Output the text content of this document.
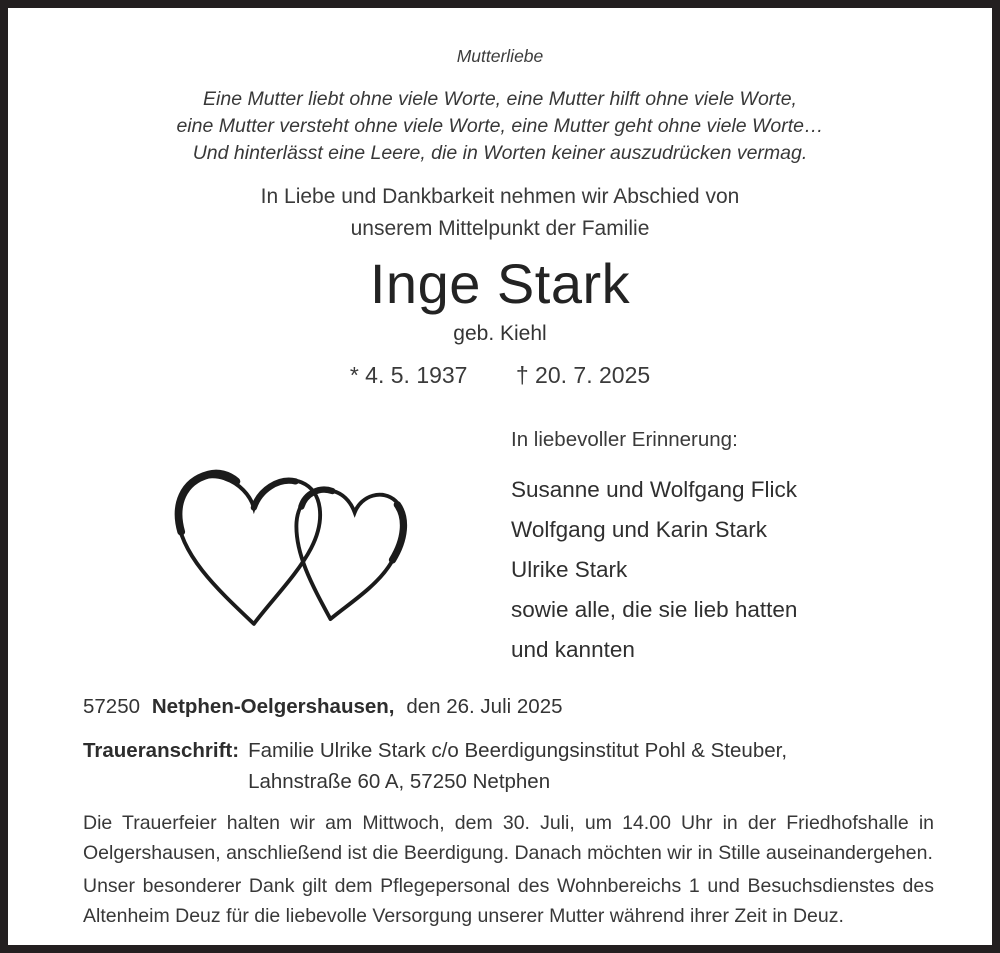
Mutterliebe
Eine Mutter liebt ohne viele Worte, eine Mutter hilft ohne viele Worte,
eine Mutter versteht ohne viele Worte, eine Mutter geht ohne viele Worte…
Und hinterlässt eine Leere, die in Worten keiner auszudrücken vermag.
In Liebe und Dankbarkeit nehmen wir Abschied von
unserem Mittelpunkt der Familie
Inge Stark
geb. Kiehl
* 4. 5. 1937 † 20. 7. 2025
In liebevoller Erinnerung:
Susanne und Wolfgang Flick
Wolfgang und Karin Stark
Ulrike Stark
sowie alle, die sie lieb hatten
und kannten
57250 Netphen-Oelgershausen, den 26. Juli 2025
Traueranschrift: Familie Ulrike Stark c/o Beerdigungsinstitut Pohl & Steuber,
Lahnstraße 60 A, 57250 Netphen

Die Trauerfeier halten wir am Mittwoch, dem 30. Juli, um 14.00 Uhr in der Friedhofshalle in Oelgershausen, anschließend ist die Beerdigung. Danach möchten wir in Stille auseinandergehen.

Unser besonderer Dank gilt dem Pflegepersonal des Wohnbereichs 1 und Besuchsdienstes des Altenheim Deuz für die liebevolle Versorgung unserer Mutter während ihrer Zeit in Deuz.
